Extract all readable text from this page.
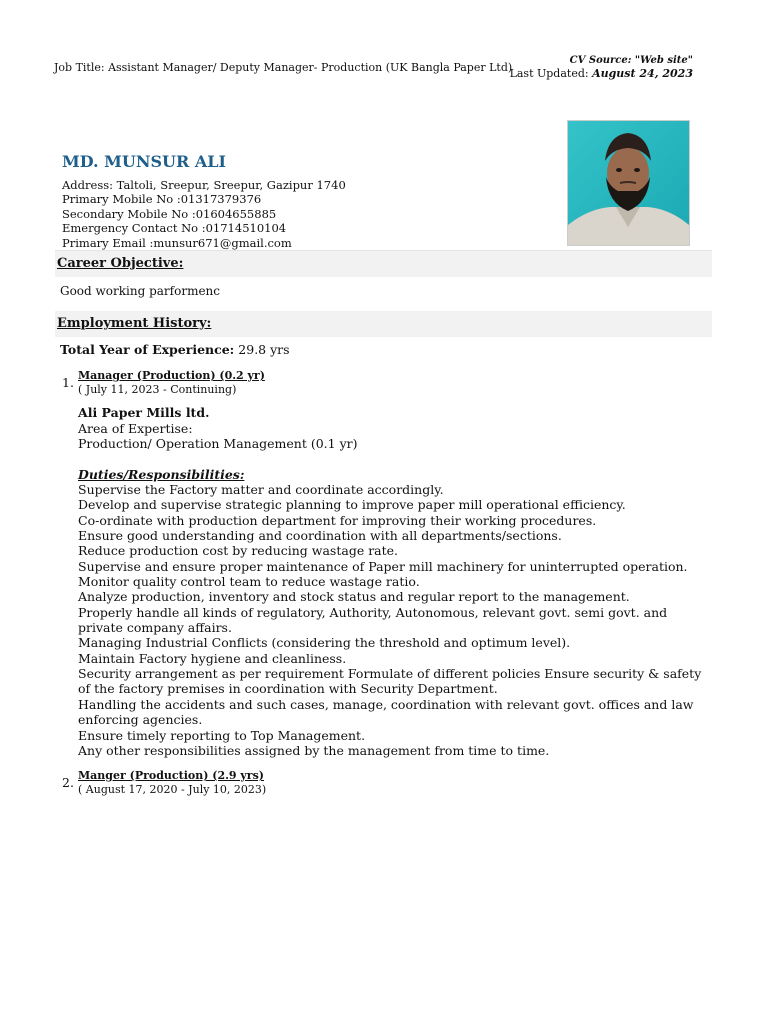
Job Title: Assistant Manager/ Deputy Manager- Production (UK Bangla Paper Ltd)
CV Source: "Web site"
Last Updated: August 24, 2023
MD. MUNSUR ALI
Address: Taltoli, Sreepur, Sreepur, Gazipur 1740
Primary Mobile No :01317379376
Secondary Mobile No :01604655885
Emergency Contact No :01714510104
Primary Email :munsur671@gmail.com
Career Objective:
Good working parformenc
Employment History:
Total Year of Experience: 29.8 yrs
1. Manager (Production) (0.2 yr)
( July 11, 2023 - Continuing)
Ali Paper Mills ltd.
Area of Expertise:
Production/ Operation Management (0.1 yr)
Duties/Responsibilities:
Supervise the Factory matter and coordinate accordingly.
Develop and supervise strategic planning to improve paper mill operational efficiency.
Co-ordinate with production department for improving their working procedures.
Ensure good understanding and coordination with all departments/sections.
Reduce production cost by reducing wastage rate.
Supervise and ensure proper maintenance of Paper mill machinery for uninterrupted operation.
Monitor quality control team to reduce wastage ratio.
Analyze production, inventory and stock status and regular report to the management.
Properly handle all kinds of regulatory, Authority, Autonomous, relevant govt. semi govt. and private company affairs.
Managing Industrial Conflicts (considering the threshold and optimum level).
Maintain Factory hygiene and cleanliness.
Security arrangement as per requirement Formulate of different policies Ensure security & safety of the factory premises in coordination with Security Department.
Handling the accidents and such cases, manage, coordination with relevant govt. offices and law enforcing agencies.
Ensure timely reporting to Top Management.
Any other responsibilities assigned by the management from time to time.
2. Manger (Production) (2.9 yrs)
( August 17, 2020 - July 10, 2023)
